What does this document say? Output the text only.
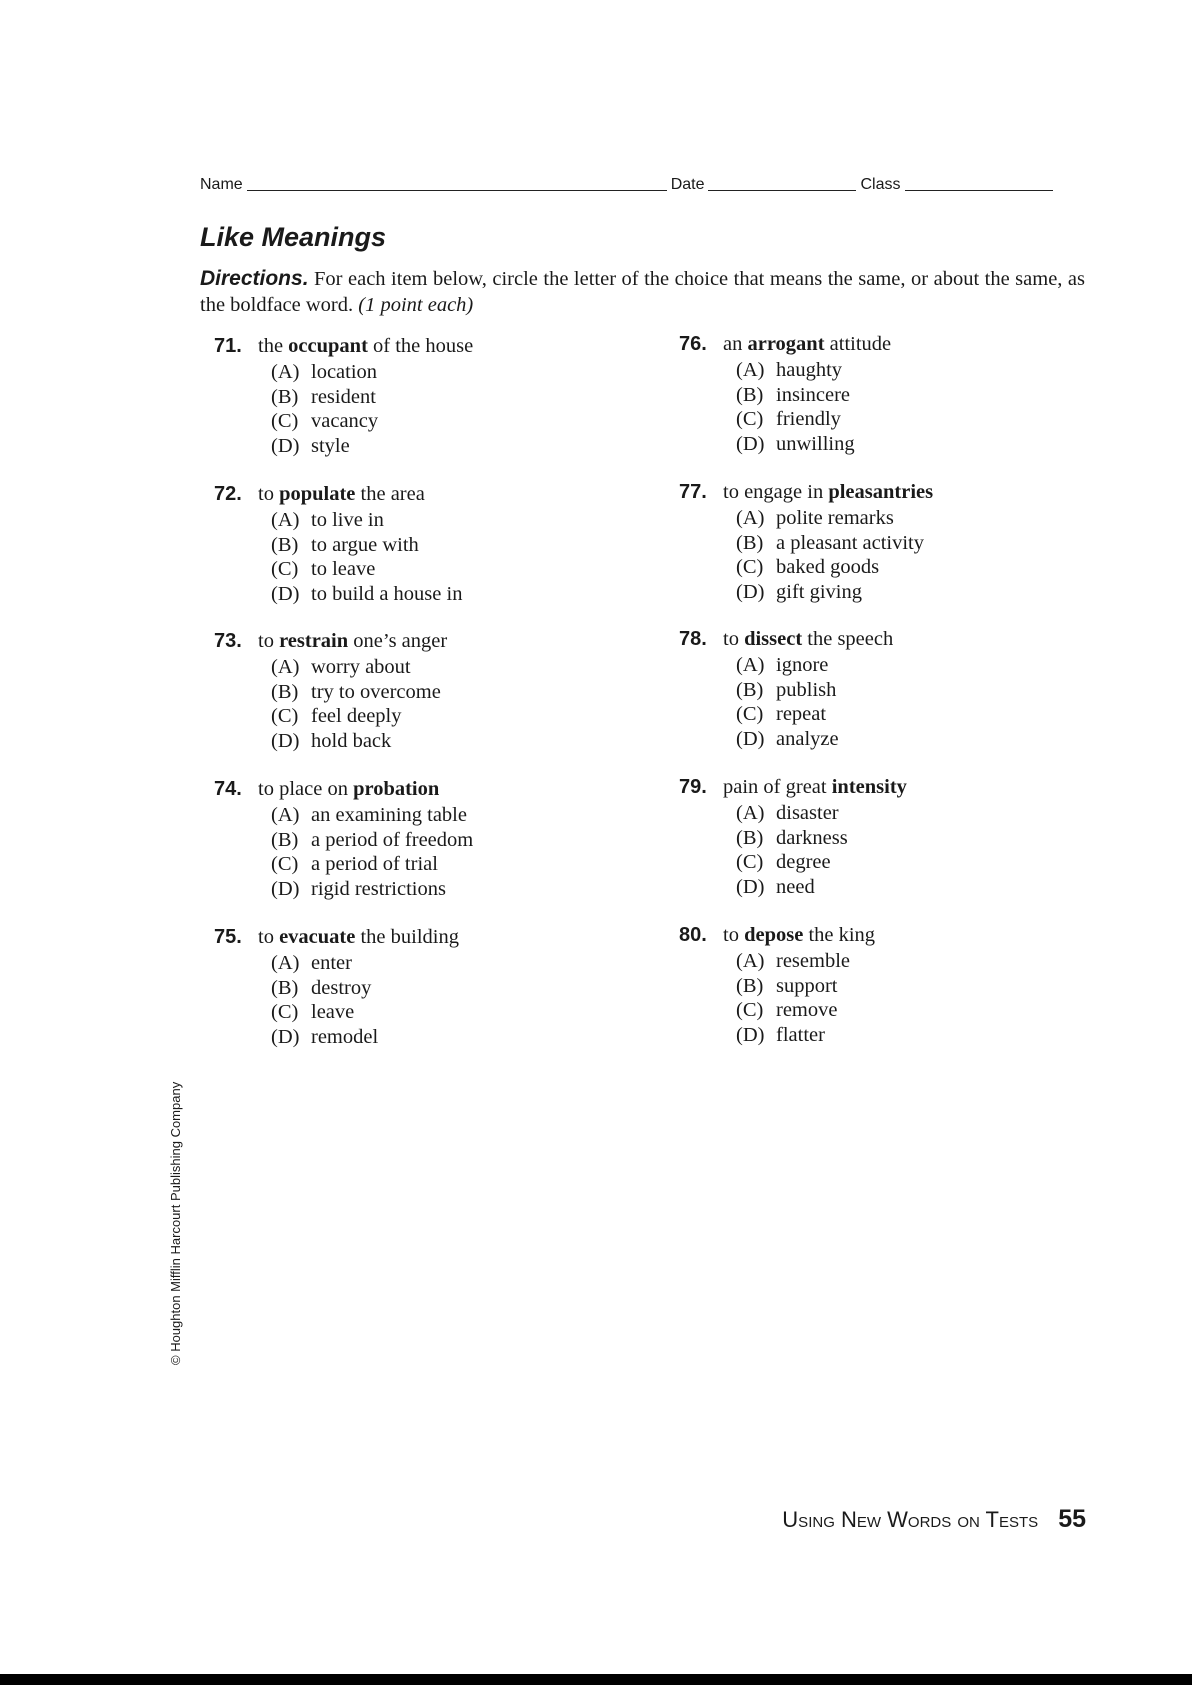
Name	Date	Class
Like Meanings

Directions. For each item below, circle the letter of the choice that means the same, or about the same, as the boldface word. (1 point each)

71. the occupant of the house
(A) location
(B) resident
(C) vacancy
(D) style
72. to populate the area
(A) to live in
(B) to argue with
(C) to leave
(D) to build a house in
73. to restrain one’s anger
(A) worry about
(B) try to overcome
(C) feel deeply
(D) hold back
74. to place on probation
(A) an examining table
(B) a period of freedom
(C) a period of trial
(D) rigid restrictions
75. to evacuate the building
(A) enter
(B) destroy
(C) leave
(D) remodel
76. an arrogant attitude
(A) haughty
(B) insincere
(C) friendly
(D) unwilling
77. to engage in pleasantries
(A) polite remarks
(B) a pleasant activity
(C) baked goods
(D) gift giving
78. to dissect the speech
(A) ignore
(B) publish
(C) repeat
(D) analyze
79. pain of great intensity
(A) disaster
(B) darkness
(C) degree
(D) need
80. to depose the king
(A) resemble
(B) support
(C) remove
(D) flatter
© Houghton Mifflin Harcourt Publishing Company
Using New Words on Tests 55
